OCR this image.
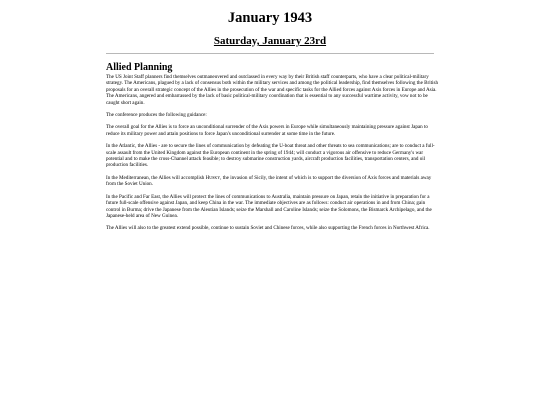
January 1943
Saturday, January 23rd
Allied Planning

The US Joint Staff planners find themselves outmaneuvered and outclassed in every way by their British staff counterparts, who have a clear political-military strategy. The Americans, plagued by a lack of consensus both within the military services and among the political leadership, find themselves following the British proposals for an overall strategic concept of the Allies in the prosecution of the war and specific tasks for the Allied forces against Axis forces in Europe and Asia. The Americans, angered and embarrassed by the lack of basic political-military coordination that is essential to any successful wartime activity, vow not to be caught short again.

The conference produces the following guidance:

The overall goal for the Allies is to force an unconditional surrender of the Axis powers in Europe while simultaneously maintaining pressure against Japan to reduce its military power and attain positions to force Japan's unconditional surrender at some time in the future.

In the Atlantic, the Allies - are to secure the lines of communication by defeating the U-boat threat and other threats to sea communications; are to conduct a full-scale assault from the United Kingdom against the European continent in the spring of 1944; will conduct a vigorous air offensive to reduce Germany's war potential and to make the cross-Channel attack feasible; to destroy submarine construction yards, aircraft production facilities, transportation centers, and oil production facilities.

In the Mediterranean, the Allies will accomplish Husky, the invasion of Sicily, the intent of which is to support the diversion of Axis forces and materials away from the Soviet Union.

In the Pacific and Far East, the Allies will protect the lines of communications to Australia, maintain pressure on Japan, retain the initiative in preparation for a future full-scale offensive against Japan, and keep China in the war. The immediate objectives are as follows: conduct air operations in and from China; gain control in Burma; drive the Japanese from the Aleutian Islands; seize the Marshall and Caroline Islands; seize the Solomons, the Bismarck Archipelago, and the Japanese-held area of New Guinea.

The Allies will also to the greatest extend possible, continue to sustain Soviet and Chinese forces, while also supporting the French forces in Northwest Africa.
